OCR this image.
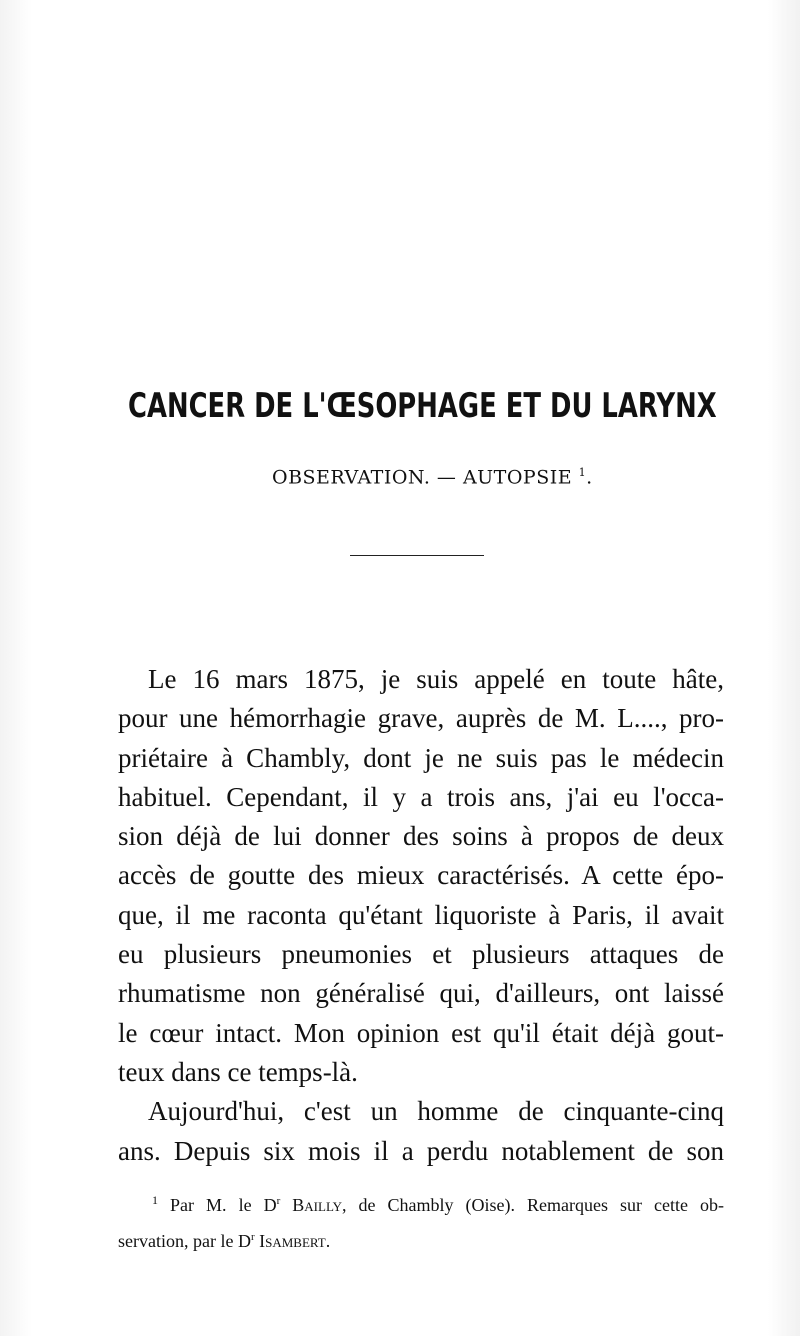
CANCER DE L'ŒSOPHAGE ET DU LARYNX
OBSERVATION. — AUTOPSIE $^1$.
Le 16 mars 1875, je suis appelé en toute hâte,
pour une hémorrhagie grave, auprès de M. L...., pro-
priétaire à Chambly, dont je ne suis pas le médecin
habituel. Cependant, il y a trois ans, j'ai eu l'occa-
sion déjà de lui donner des soins à propos de deux
accès de goutte des mieux caractérisés. A cette épo-
que, il me raconta qu'étant liquoriste à Paris, il avait
eu plusieurs pneumonies et plusieurs attaques de
rhumatisme non généralisé qui, d'ailleurs, ont laissé
le cœur intact. Mon opinion est qu'il était déjà gout-
teux dans ce temps-là.
Aujourd'hui, c'est un homme de cinquante-cinq
ans. Depuis six mois il a perdu notablement de son
$^1$ Par M. le $D^r$ Bailly, de Chambly (Oise). Remarques sur cette ob-
servation, par le $D^r$ Isambert.
